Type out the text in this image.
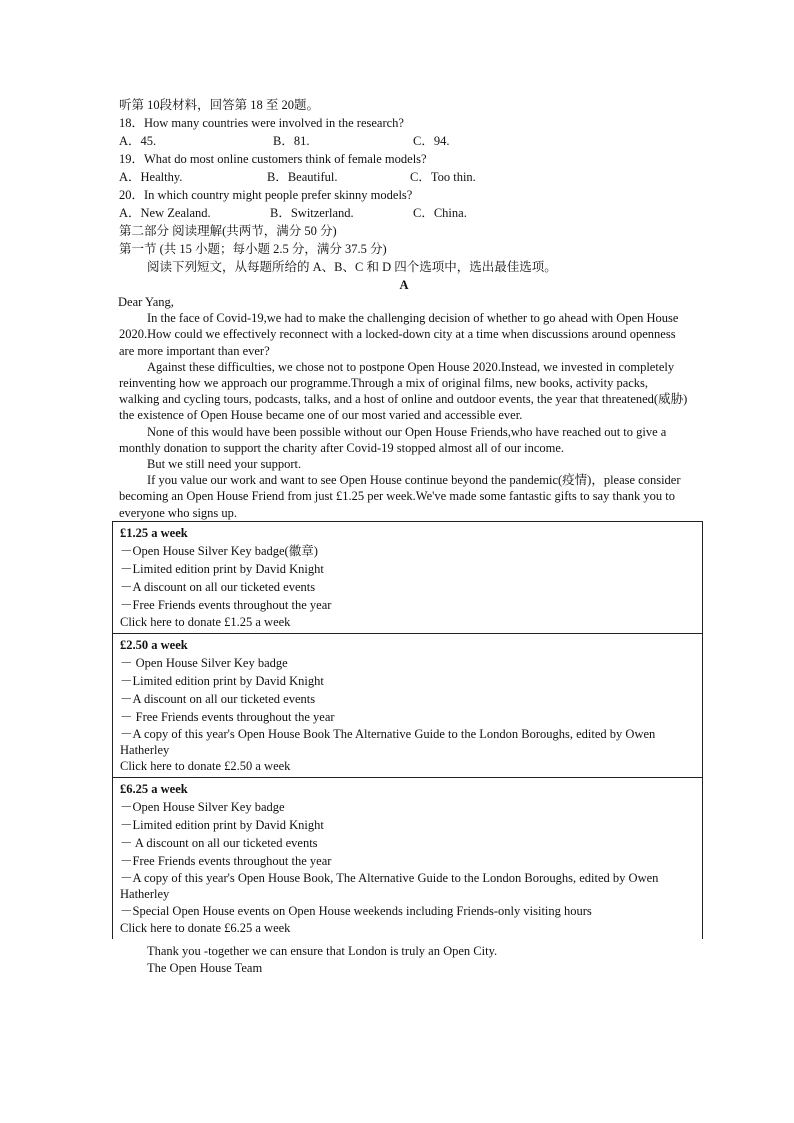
听第 10段材料，回答第 18 至 20题。
18．How many countries were involved in the research?
A．45.	B．81.	C．94.
19．What do most online customers think of female models?
A．Healthy.	B．Beautiful.	C．Too thin.
20．In which country might people prefer skinny models?
A．New Zealand.	B．Switzerland.	C．China.
第二部分 阅读理解(共两节，满分 50 分)
第一节 (共 15 小题；每小题 2.5 分，满分 37.5 分)
阅读下列短文，从每题所给的 A、B、C 和 D 四个选项中，选出最佳选项。
A
Dear Yang,

In the face of Covid-19,we had to make the challenging decision of whether to go ahead with Open House 2020.How could we effectively reconnect with a locked-down city at a time when discussions around openness are more important than ever?

Against these difficulties, we chose not to postpone Open House 2020.Instead, we invested in completely reinventing how we approach our programme.Through a mix of original films, new books, activity packs, walking and cycling tours, podcasts, talks, and a host of online and outdoor events, the year that threatened(威胁) the existence of Open House became one of our most varied and accessible ever.

None of this would have been possible without our Open House Friends,who have reached out to give a monthly donation to support the charity after Covid-19 stopped almost all of our income.

But we still need your support.

If you value our work and want to see Open House continue beyond the pandemic(疫情)，please consider becoming an Open House Friend from just £1.25 per week.We've made some fantastic gifts to say thank you to everyone who signs up.

£1.25 a week
－Open House Silver Key badge(徽章)
－Limited edition print by David Knight
－A discount on all our ticketed events
－Free Friends events throughout the year
Click here to donate £1.25 a week
£2.50 a week
－ Open House Silver Key badge
－Limited edition print by David Knight
－A discount on all our ticketed events
－ Free Friends events throughout the year
－A copy of this year's Open House Book The Alternative Guide to the London Boroughs, edited by Owen Hatherley
Click here to donate £2.50 a week
£6.25 a week
－Open House Silver Key badge
－Limited edition print by David Knight
－ A discount on all our ticketed events
－Free Friends events throughout the year
－A copy of this year's Open House Book, The Alternative Guide to the London Boroughs, edited by Owen Hatherley
－Special Open House events on Open House weekends including Friends-only visiting hours
Click here to donate £6.25 a week
Thank you -together we can ensure that London is truly an Open City.
The Open House Team
